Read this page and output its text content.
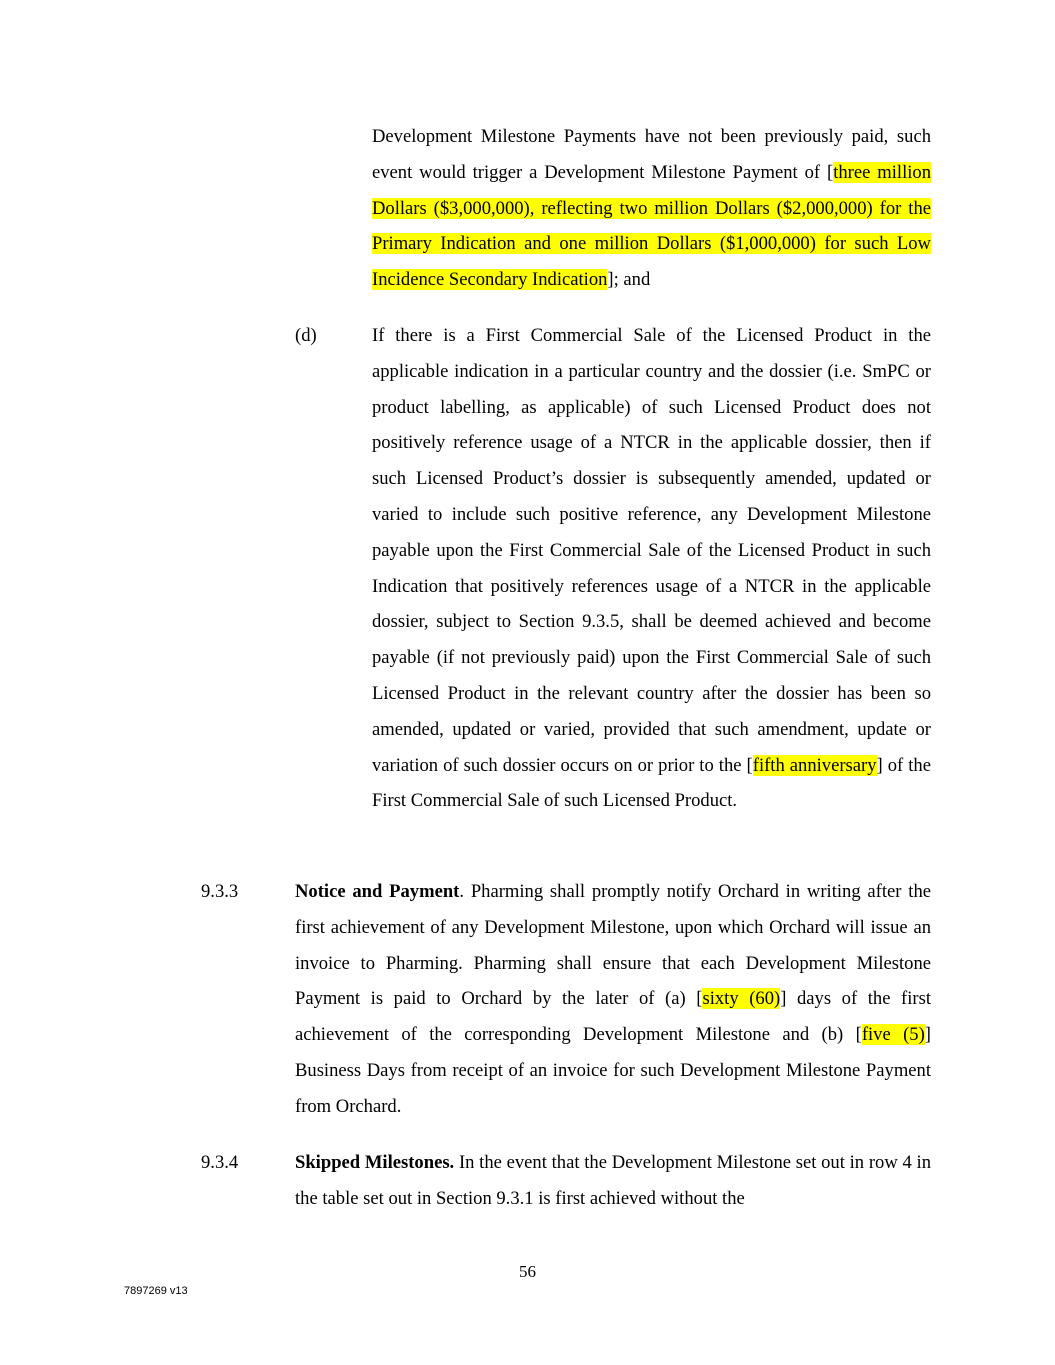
Development Milestone Payments have not been previously paid, such event would trigger a Development Milestone Payment of [three million Dollars ($3,000,000), reflecting two million Dollars ($2,000,000) for the Primary Indication and one million Dollars ($1,000,000) for such Low Incidence Secondary Indication]; and

(d)	If there is a First Commercial Sale of the Licensed Product in the applicable indication in a particular country and the dossier (i.e. SmPC or product labelling, as applicable) of such Licensed Product does not positively reference usage of a NTCR in the applicable dossier, then if such Licensed Product’s dossier is subsequently amended, updated or varied to include such positive reference, any Development Milestone payable upon the First Commercial Sale of the Licensed Product in such Indication that positively references usage of a NTCR in the applicable dossier, subject to Section 9.3.5, shall be deemed achieved and become payable (if not previously paid) upon the First Commercial Sale of such Licensed Product in the relevant country after the dossier has been so amended, updated or varied, provided that such amendment, update or variation of such dossier occurs on or prior to the [fifth anniversary] of the First Commercial Sale of such Licensed Product.

9.3.3	Notice and Payment. Pharming shall promptly notify Orchard in writing after the first achievement of any Development Milestone, upon which Orchard will issue an invoice to Pharming. Pharming shall ensure that each Development Milestone Payment is paid to Orchard by the later of (a) [sixty (60)] days of the first achievement of the corresponding Development Milestone and (b) [five (5)] Business Days from receipt of an invoice for such Development Milestone Payment from Orchard.

9.3.4	Skipped Milestones. In the event that the Development Milestone set out in row 4 in the table set out in Section 9.3.1 is first achieved without the

56
7897269 v13
